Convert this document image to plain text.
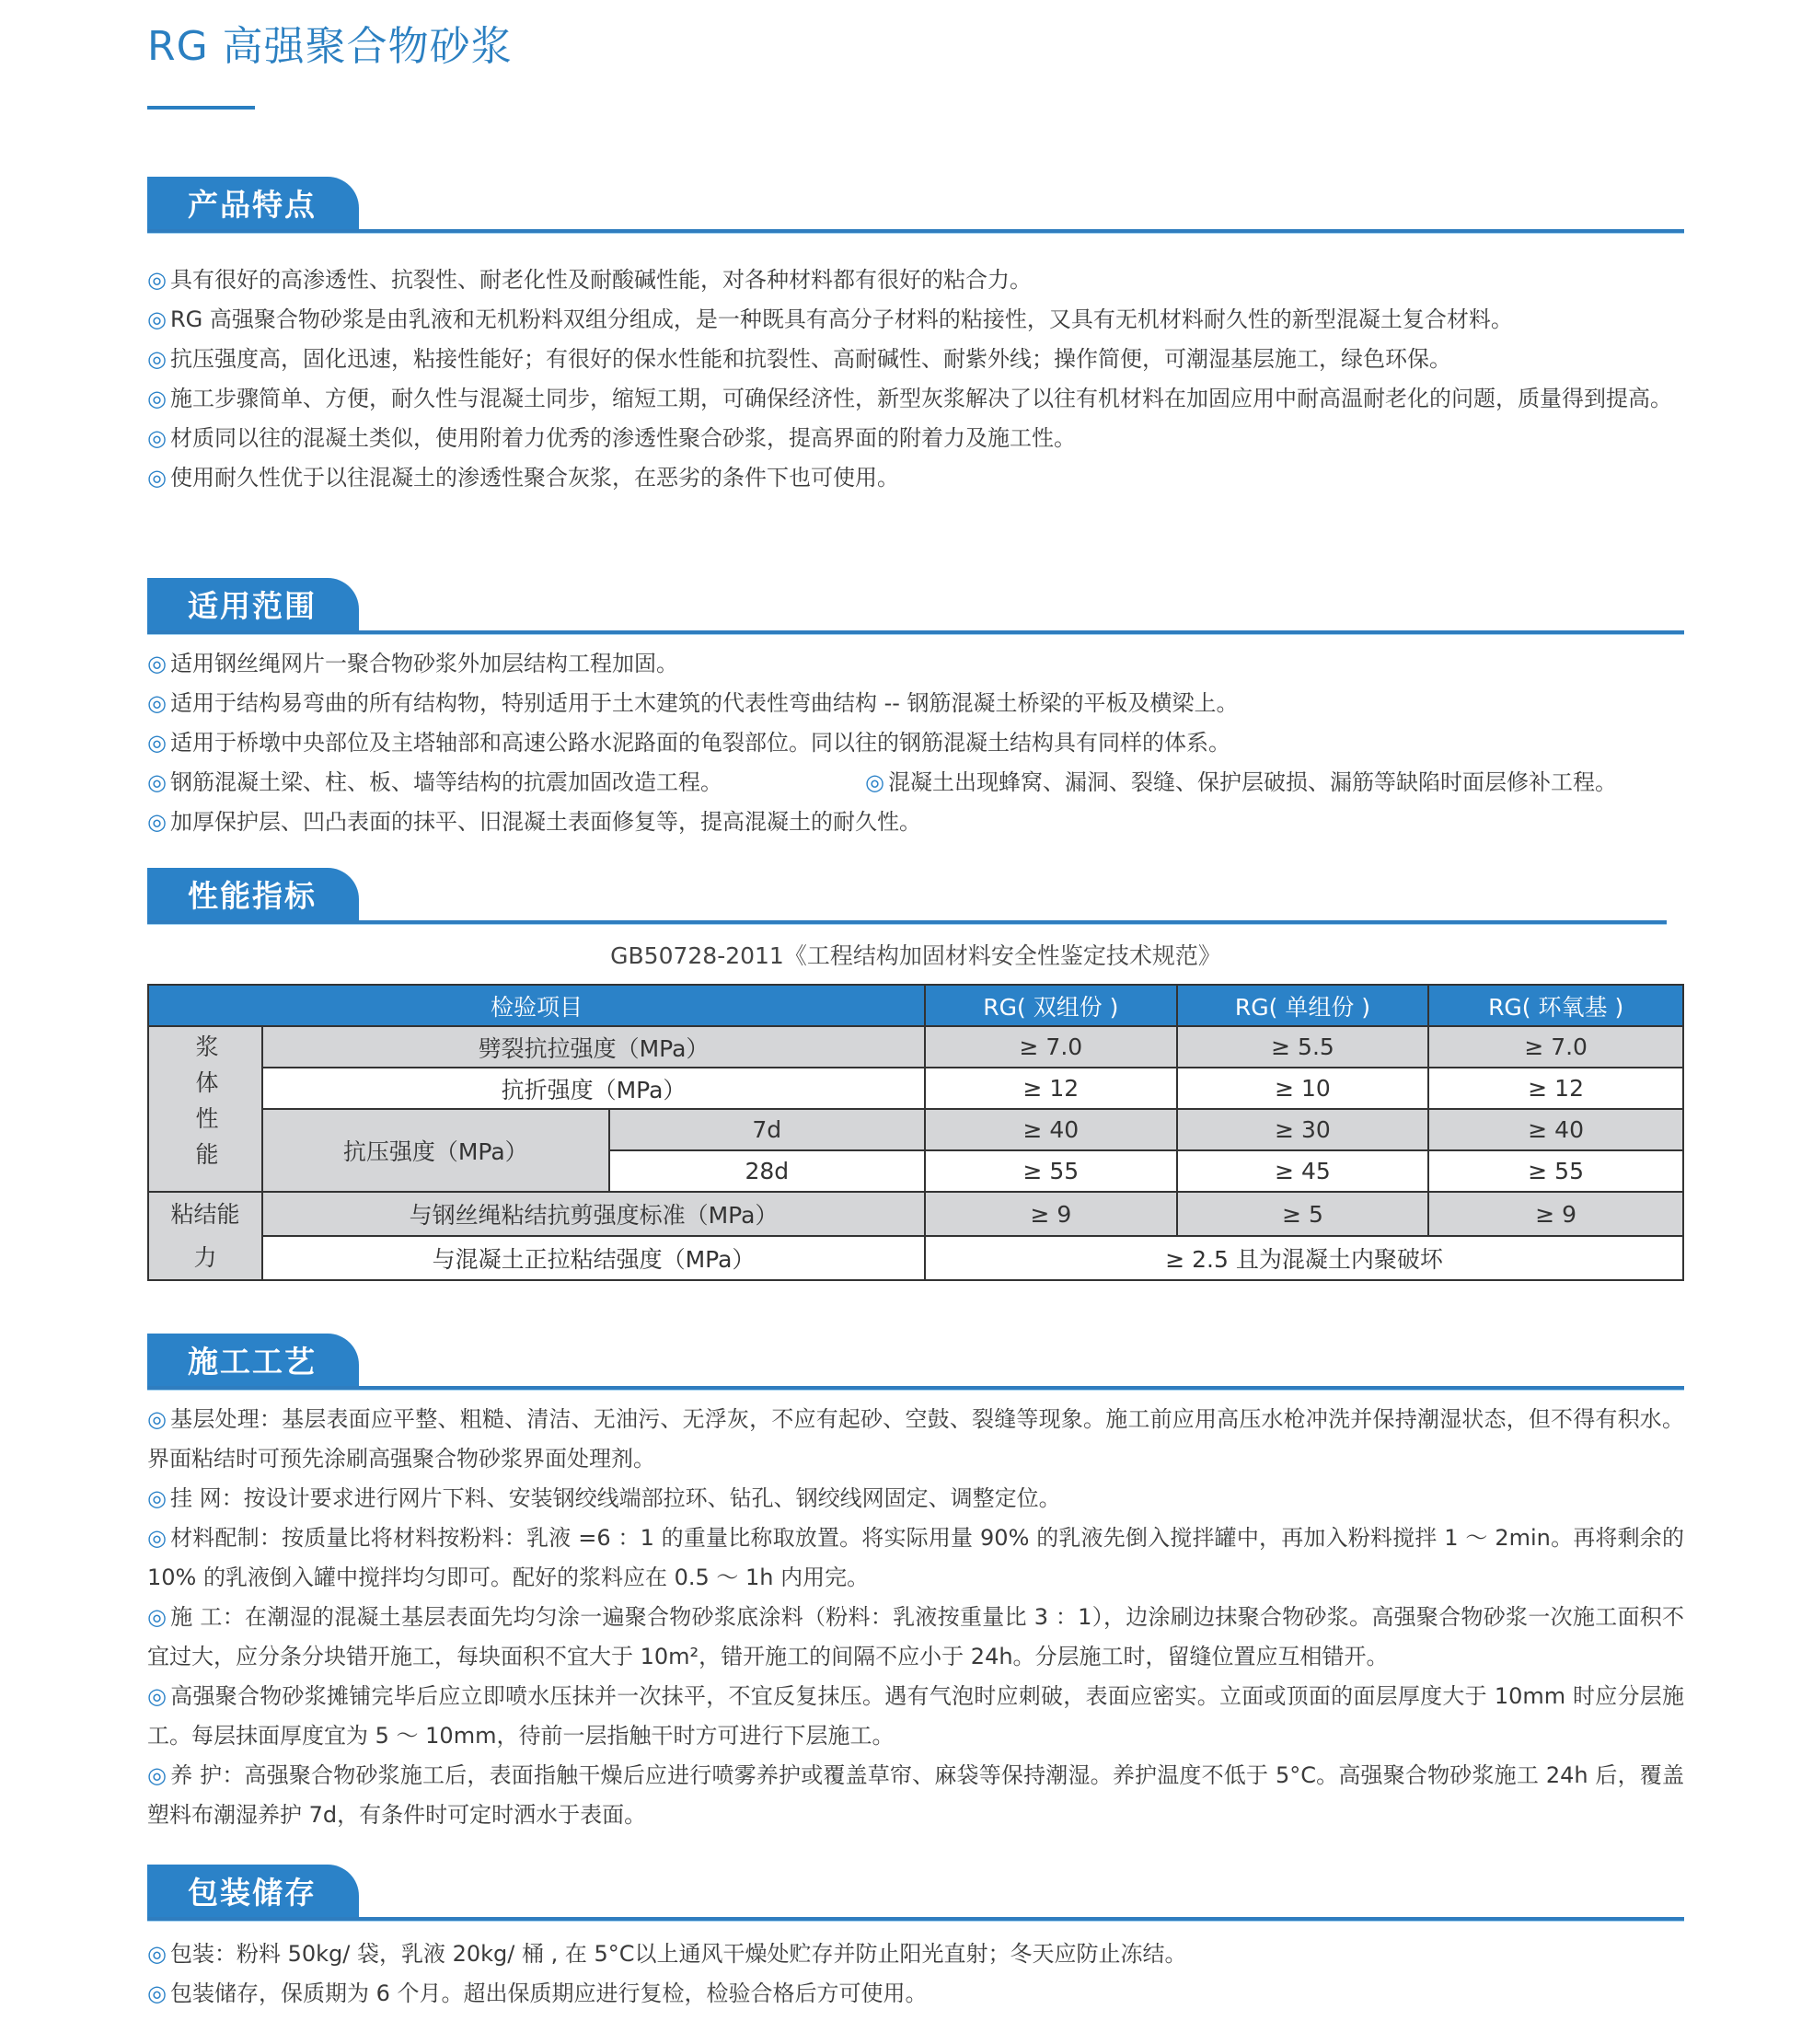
RG 高强聚合物砂浆
产品特点

◎ 具有很好的高渗透性、抗裂性、耐老化性及耐酸碱性能，对各种材料都有很好的粘合力。

◎ RG 高强聚合物砂浆是由乳液和无机粉料双组分组成，是一种既具有高分子材料的粘接性，又具有无机材料耐久性的新型混凝土复合材料。

◎ 抗压强度高，固化迅速，粘接性能好；有很好的保水性能和抗裂性、高耐碱性、耐紫外线；操作简便，可潮湿基层施工，绿色环保。

◎ 施工步骤简单、方便，耐久性与混凝土同步，缩短工期，可确保经济性，新型灰浆解决了以往有机材料在加固应用中耐高温耐老化的问题，质量得到提高。

◎ 材质同以往的混凝土类似，使用附着力优秀的渗透性聚合砂浆，提高界面的附着力及施工性。

◎ 使用耐久性优于以往混凝土的渗透性聚合灰浆，在恶劣的条件下也可使用。

适用范围

◎ 适用钢丝绳网片一聚合物砂浆外加层结构工程加固。

◎ 适用于结构易弯曲的所有结构物，特别适用于土木建筑的代表性弯曲结构 -- 钢筋混凝土桥梁的平板及横梁上。

◎ 适用于桥墩中央部位及主塔轴部和高速公路水泥路面的龟裂部位。同以往的钢筋混凝土结构具有同样的体系。

◎ 钢筋混凝土梁、柱、板、墙等结构的抗震加固改造工程。	◎ 混凝土出现蜂窝、漏洞、裂缝、保护层破损、漏筋等缺陷时面层修补工程。

◎ 加厚保护层、凹凸表面的抹平、旧混凝土表面修复等，提高混凝土的耐久性。

性能指标
GB50728-2011《工程结构加固材料安全性鉴定技术规范》
检验项目			RG( 双组份 )	RG( 单组份 )	RG( 环氧基 )
浆体性能	劈裂抗拉强度（MPa）		≥ 7.0	≥ 5.5	≥ 7.0
	抗折强度（MPa）		≥ 12	≥ 10	≥ 12
	抗压强度（MPa）	7d	≥ 40	≥ 30	≥ 40
		28d	≥ 55	≥ 45	≥ 55
粘结能
力	与钢丝绳粘结抗剪强度标准（MPa）		≥ 9	≥ 5	≥ 9
	与混凝土正拉粘结强度（MPa）		≥ 2.5 且为混凝土内聚破坏		
施工工艺

◎ 基层处理：基层表面应平整、粗糙、清洁、无油污、无浮灰，不应有起砂、空鼓、裂缝等现象。施工前应用高压水枪冲洗并保持潮湿状态，但不得有积水。界面粘结时可预先涂刷高强聚合物砂浆界面处理剂。

◎ 挂 网：按设计要求进行网片下料、安装钢绞线端部拉环、钻孔、钢绞线网固定、调整定位。

◎ 材料配制：按质量比将材料按粉料：乳液 =6 ：1 的重量比称取放置。将实际用量 90% 的乳液先倒入搅拌罐中，再加入粉料搅拌 1 ～ 2min。再将剩余的 10% 的乳液倒入罐中搅拌均匀即可。配好的浆料应在 0.5 ～ 1h 内用完。

◎ 施 工：在潮湿的混凝土基层表面先均匀涂一遍聚合物砂浆底涂料（粉料：乳液按重量比 3 ：1），边涂刷边抹聚合物砂浆。高强聚合物砂浆一次施工面积不宜过大，应分条分块错开施工，每块面积不宜大于 10m²，错开施工的间隔不应小于 24h。分层施工时，留缝位置应互相错开。

◎ 高强聚合物砂浆摊铺完毕后应立即喷水压抹并一次抹平，不宜反复抹压。遇有气泡时应刺破，表面应密实。立面或顶面的面层厚度大于 10mm 时应分层施工。每层抹面厚度宜为 5 ～ 10mm，待前一层指触干时方可进行下层施工。

◎ 养 护：高强聚合物砂浆施工后，表面指触干燥后应进行喷雾养护或覆盖草帘、麻袋等保持潮湿。养护温度不低于 5°C。高强聚合物砂浆施工 24h 后，覆盖塑料布潮湿养护 7d，有条件时可定时洒水于表面。

包装储存

◎ 包装：粉料 50kg/ 袋，乳液 20kg/ 桶 , 在 5°C以上通风干燥处贮存并防止阳光直射；冬天应防止冻结。

◎ 包装储存，保质期为 6 个月。超出保质期应进行复检，检验合格后方可使用。
